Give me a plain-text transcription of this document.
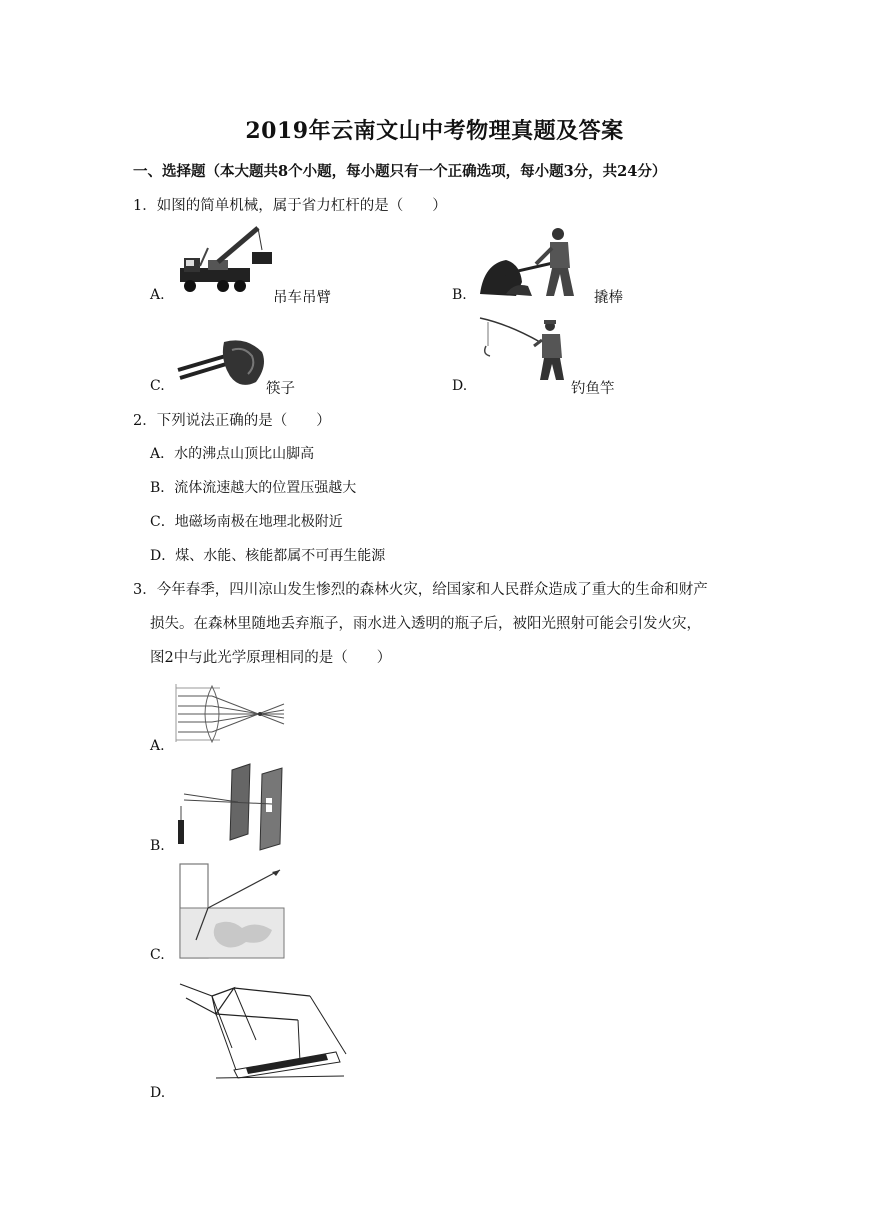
2019年云南文山中考物理真题及答案
一、选择题（本大题共8个小题，每小题只有一个正确选项，每小题3分，共24分）
1．如图的简单机械，属于省力杠杆的是（　　）
A.	吊车吊臂	B.	撬棒
C.	筷子	D.	钓鱼竿
2．下列说法正确的是（　　）
A．水的沸点山顶比山脚高
B．流体流速越大的位置压强越大
C．地磁场南极在地理北极附近
D．煤、水能、核能都属不可再生能源
3．今年春季，四川凉山发生惨烈的森林火灾，给国家和人民群众造成了重大的生命和财产
损失。在森林里随地丢弃瓶子，雨水进入透明的瓶子后，被阳光照射可能会引发火灾，
图2中与此光学原理相同的是（　　）
A.
B.
C.
D.
